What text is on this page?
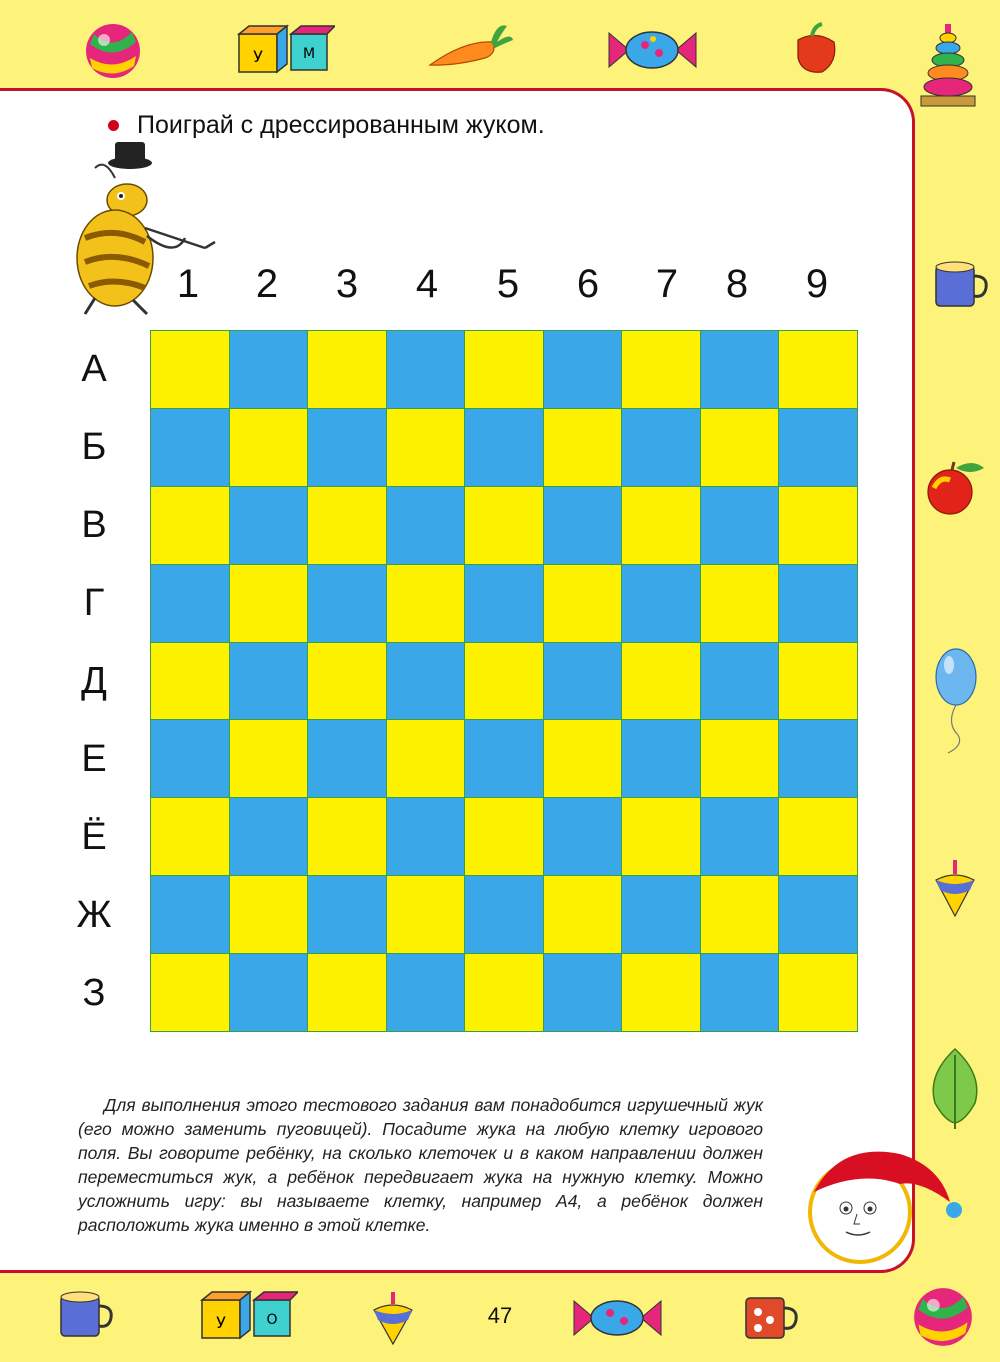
У	М
Поиграй с дрессированным жуком.
1 2 3 4 5 6 7 8 9
А
Б
В
Г
Д
Е
Ё
Ж
З

Для выполнения этого тестового задания вам понадобится игрушечный жук (его можно заменить пуговицей). Посадите жука на любую клетку игрового поля. Вы говорите ребёнку, на сколько клеточек и в каком направлении должен переместиться жук, а ребёнок передвигает жука на нужную клетку. Можно усложнить игру: вы называете клетку, например А4, а ребёнок должен расположить жука именно в этой клетке.

У	О	47
